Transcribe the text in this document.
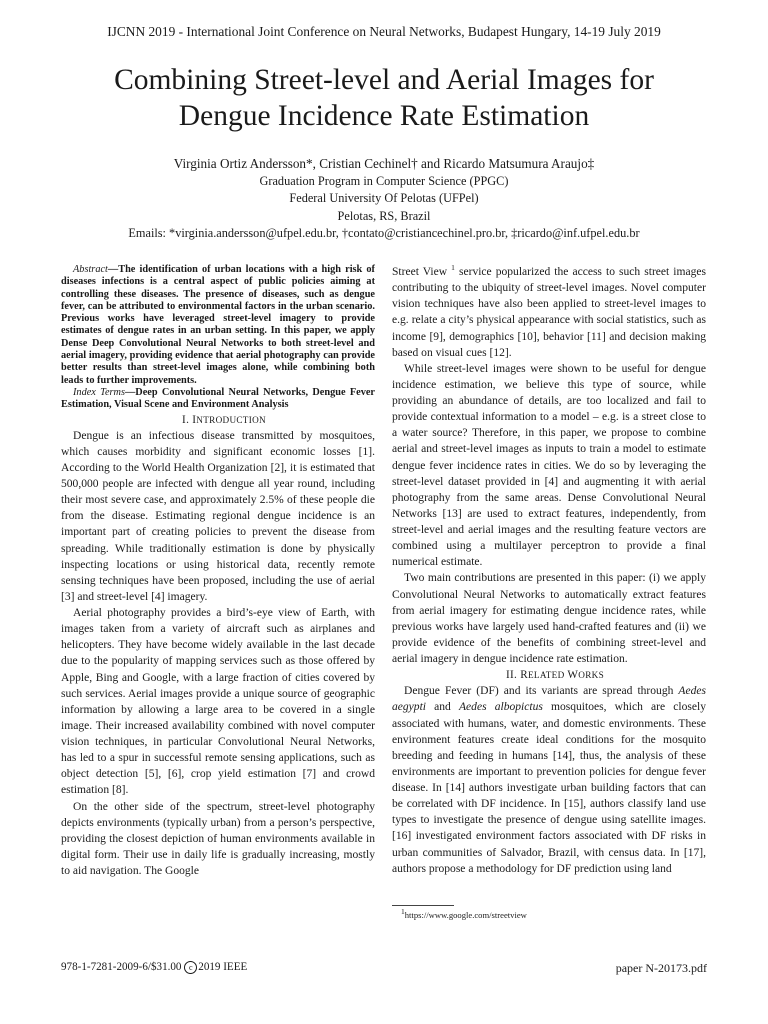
IJCNN 2019 - International Joint Conference on Neural Networks, Budapest Hungary, 14-19 July 2019
Combining Street-level and Aerial Images for
Dengue Incidence Rate Estimation
Virginia Ortiz Andersson*, Cristian Cechinel† and Ricardo Matsumura Araujo‡
Graduation Program in Computer Science (PPGC)
Federal University Of Pelotas (UFPel)
Pelotas, RS, Brazil
Emails: *virginia.andersson@ufpel.edu.br, †contato@cristiancechinel.pro.br, ‡ricardo@inf.ufpel.edu.br

Abstract—The identification of urban locations with a high risk of diseases infections is a central aspect of public policies aiming at controlling these diseases. The presence of diseases, such as dengue fever, can be attributed to environmental factors in the urban scenario. Previous works have leveraged street-level imagery to provide estimates of dengue rates in an urban setting. In this paper, we apply Dense Deep Convolutional Neural Networks to both street-level and aerial imagery, providing evidence that aerial photography can provide better results than street-level images alone, while combining both leads to further improvements.

Index Terms—Deep Convolutional Neural Networks, Dengue Fever Estimation, Visual Scene and Environment Analysis

I. INTRODUCTION

Dengue is an infectious disease transmitted by mosquitoes, which causes morbidity and significant economic losses [1]. According to the World Health Organization [2], it is estimated that 500,000 people are infected with dengue all year round, including their most severe case, and approximately 2.5% of these people die from the disease. Estimating regional dengue incidence is an important part of creating policies to prevent the disease from spreading. While traditionally estimation is done by physically inspecting locations or using historical data, recently remote sensing techniques have been proposed, including the use of aerial [3] and street-level [4] imagery.

Aerial photography provides a bird’s-eye view of Earth, with images taken from a variety of aircraft such as airplanes and helicopters. They have become widely available in the last decade due to the popularity of mapping services such as those offered by Apple, Bing and Google, with a large fraction of cities covered by such services. Aerial images provide a unique source of geographic information by allowing a large area to be covered in a single image. Their increased availability combined with novel computer vision techniques, in particular Convolutional Neural Networks, has led to a spur in successful remote sensing applications, such as object detection [5], [6], crop yield estimation [7] and crowd estimation [8].

On the other side of the spectrum, street-level photography depicts environments (typically urban) from a person’s perspective, providing the closest depiction of human environments available in digital form. Their use in daily life is gradually increasing, mostly to aid navigation. The Google

Street View $^1$ service popularized the access to such street images contributing to the ubiquity of street-level images. Novel computer vision techniques have also been applied to street-level images to e.g. relate a city’s physical appearance with social statistics, such as income [9], demographics [10], behavior [11] and decision making based on visual cues [12].

While street-level images were shown to be useful for dengue incidence estimation, we believe this type of source, while providing an abundance of details, are too localized and fail to provide contextual information to a model – e.g. is a street close to a water source? Therefore, in this paper, we propose to combine aerial and street-level images as inputs to train a model to estimate dengue fever incidence rates in cities. We do so by leveraging the street-level dataset provided in [4] and augmenting it with aerial photography from the same areas. Dense Convolutional Neural Networks [13] are used to extract features, independently, from street-level and aerial images and the resulting feature vectors are combined using a multilayer perceptron to provide a final numerical estimate.

Two main contributions are presented in this paper: (i) we apply Convolutional Neural Networks to automatically extract features from aerial imagery for estimating dengue incidence rates, while previous works have largely used hand-crafted features and (ii) we provide evidence of the benefits of combining street-level and aerial imagery in dengue incidence rate estimation.

II. RELATED WORKS

Dengue Fever (DF) and its variants are spread through Aedes aegypti and Aedes albopictus mosquitoes, which are closely associated with humans, water, and domestic environments. These environment features create ideal conditions for the mosquito breeding and feeding in humans [14], thus, the analysis of these environments are important to prevention policies for dengue fever disease. In [14] authors investigate urban building factors that can be correlated with DF incidence. In [15], authors classify land use types to investigate the presence of dengue using satellite images. [16] investigated environment factors associated with DF risks in urban communities of Salvador, Brazil, with census data. In [17], authors propose a methodology for DF prediction using land

1https://www.google.com/streetview
978-1-7281-2009-6/$31.00 c 2019 IEEE	paper N-20173.pdf
